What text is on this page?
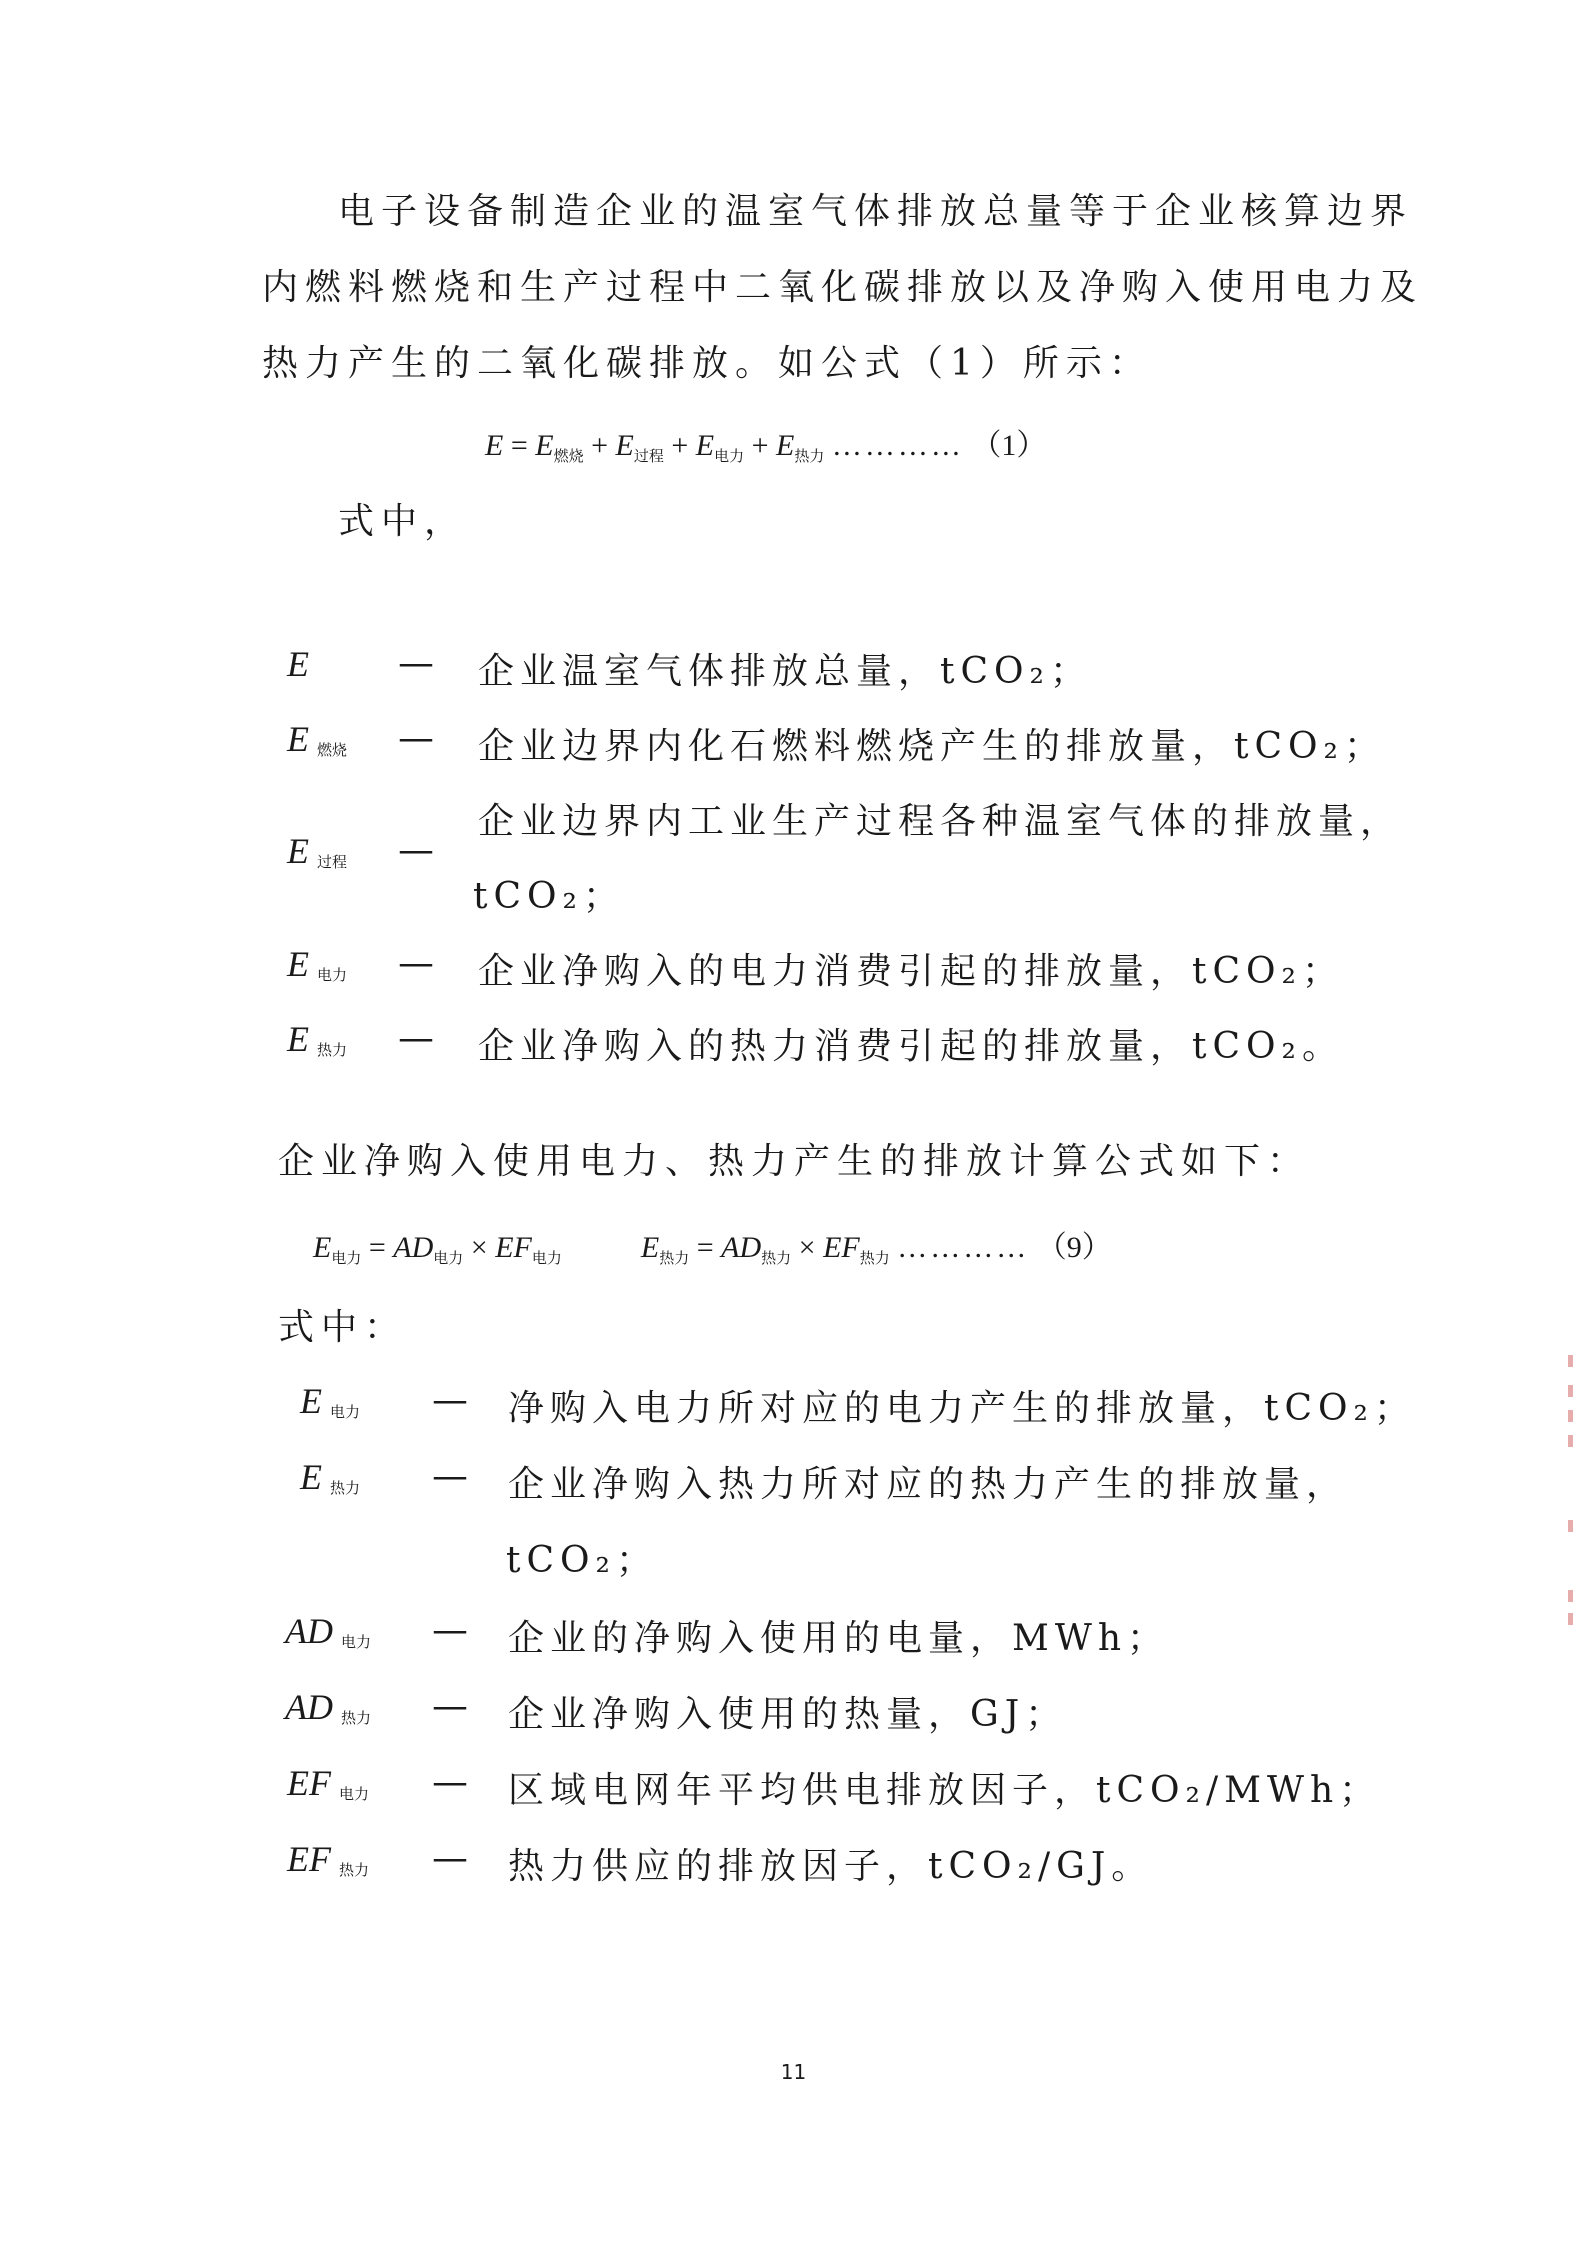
电子设备制造企业的温室气体排放总量等于企业核算边界
内燃料燃烧和生产过程中二氧化碳排放以及净购入使用电力及
热力产生的二氧化碳排放。如公式（1）所示：
$E = E_{燃烧} + E_{过程} + E_{电力} + E_{热力}$ ………… （1）
式中，
E — 企业温室气体排放总量，tCO₂；
E $_{燃烧}$ — 企业边界内化石燃料燃烧产生的排放量，tCO₂；
E $_{过程}$ —
企业边界内工业生产过程各种温室气体的排放量，
tCO₂；
E $_{电力}$ — 企业净购入的电力消费引起的排放量，tCO₂；
E $_{热力}$ — 企业净购入的热力消费引起的排放量，tCO₂。
企业净购入使用电力、热力产生的排放计算公式如下：
$E_{电力} = AD_{电力} \times EF_{电力}$	$E_{热力} = AD_{热力} \times EF_{热力}$ ………… （9）
式中：
E $_{电力}$ — 净购入电力所对应的电力产生的排放量，tCO₂；
E $_{热力}$ — 企业净购入热力所对应的热力产生的排放量，
tCO₂；
AD $_{电力}$ — 企业的净购入使用的电量，MWh；
AD $_{热力}$ — 企业净购入使用的热量，GJ；
EF $_{电力}$ — 区域电网年平均供电排放因子，tCO₂/MWh；
EF $_{热力}$ — 热力供应的排放因子，tCO₂/GJ。
11
